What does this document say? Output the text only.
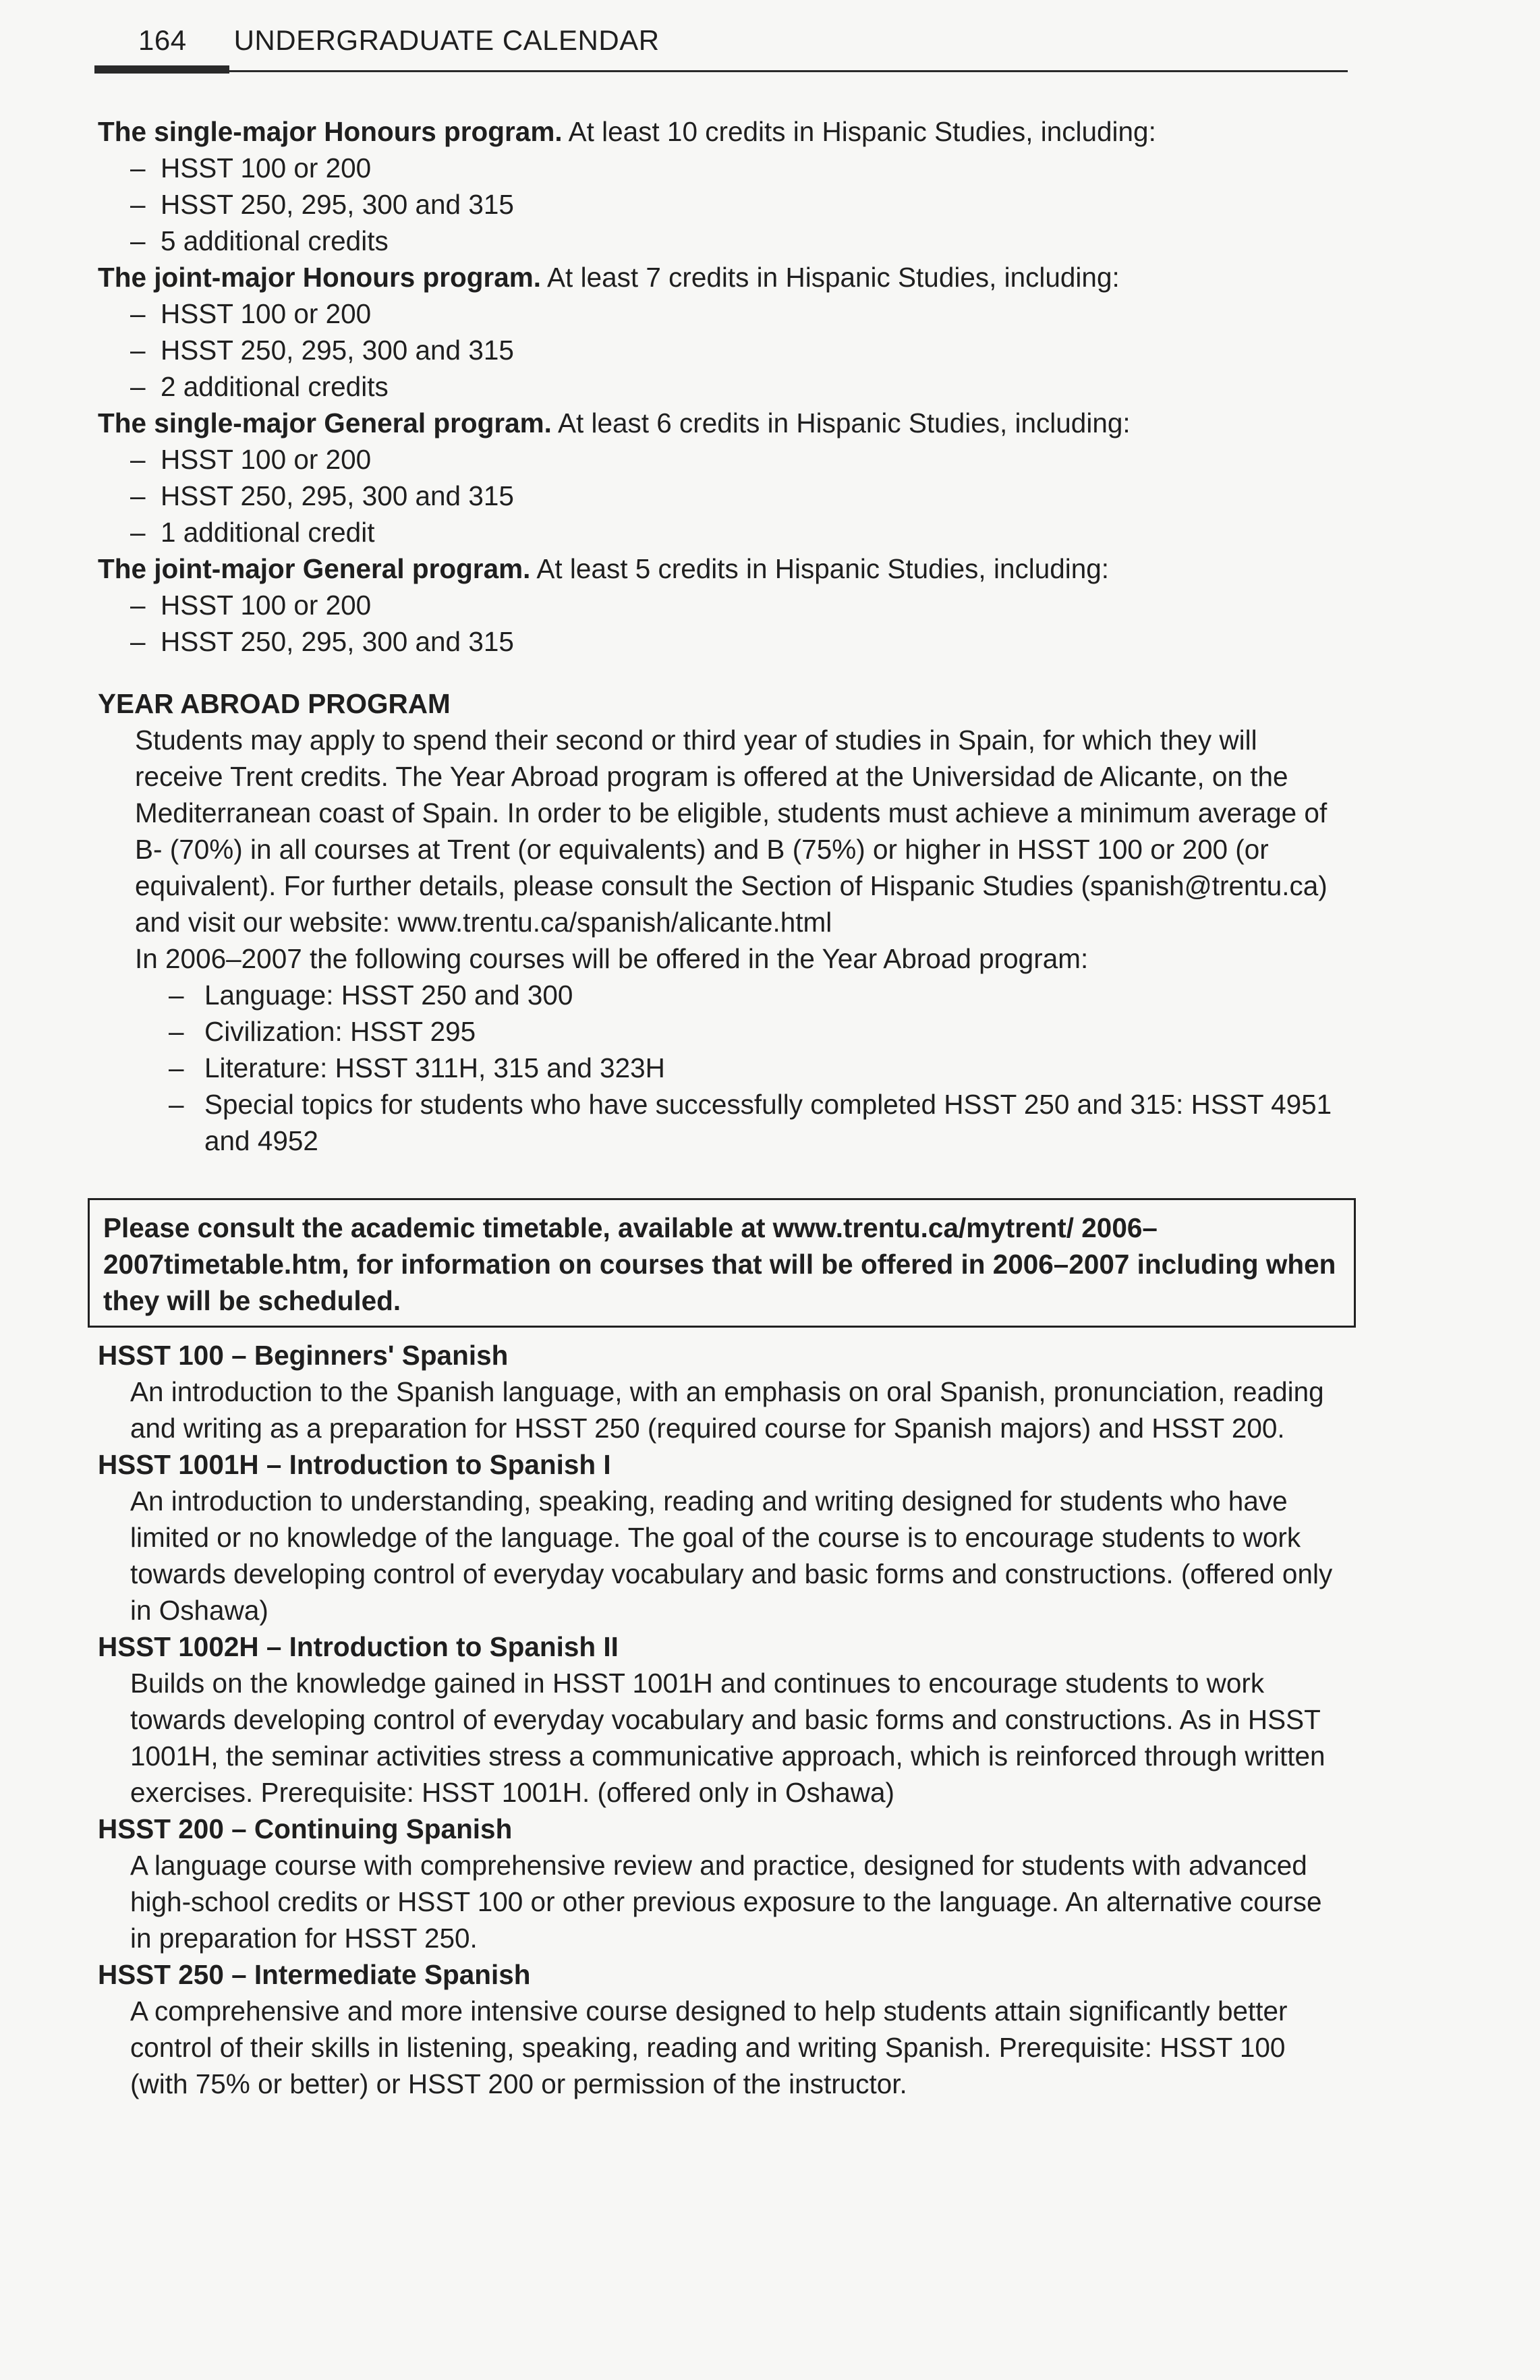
164 UNDERGRADUATE CALENDAR

The single-major Honours program. At least 10 credits in Hispanic Studies, including:

– HSST 100 or 200
– HSST 250, 295, 300 and 315
– 5 additional credits

The joint-major Honours program. At least 7 credits in Hispanic Studies, including:

– HSST 100 or 200
– HSST 250, 295, 300 and 315
– 2 additional credits

The single-major General program. At least 6 credits in Hispanic Studies, including:

– HSST 100 or 200
– HSST 250, 295, 300 and 315
– 1 additional credit

The joint-major General program. At least 5 credits in Hispanic Studies, including:

– HSST 100 or 200
– HSST 250, 295, 300 and 315

YEAR ABROAD PROGRAM

Students may apply to spend their second or third year of studies in Spain, for which they will receive Trent credits. The Year Abroad program is offered at the Universidad de Alicante, on the Mediterranean coast of Spain. In order to be eligible, students must achieve a minimum average of B- (70%) in all courses at Trent (or equivalents) and B (75%) or higher in HSST 100 or 200 (or equivalent). For further details, please consult the Section of Hispanic Studies (spanish@trentu.ca) and visit our website: www.trentu.ca/spanish/alicante.html

In 2006–2007 the following courses will be offered in the Year Abroad program:

– Language: HSST 250 and 300
– Civilization: HSST 295
– Literature: HSST 311H, 315 and 323H
– Special topics for students who have successfully completed HSST 250 and 315: HSST 4951 and 4952
Please consult the academic timetable, available at www.trentu.ca/mytrent/ 2006–2007timetable.htm, for information on courses that will be offered in 2006–2007 including when they will be scheduled.

HSST 100 – Beginners' Spanish

An introduction to the Spanish language, with an emphasis on oral Spanish, pronunciation, reading and writing as a preparation for HSST 250 (required course for Spanish majors) and HSST 200.

HSST 1001H – Introduction to Spanish I

An introduction to understanding, speaking, reading and writing designed for students who have limited or no knowledge of the language. The goal of the course is to encourage students to work towards developing control of everyday vocabulary and basic forms and constructions. (offered only in Oshawa)

HSST 1002H – Introduction to Spanish II

Builds on the knowledge gained in HSST 1001H and continues to encourage students to work towards developing control of everyday vocabulary and basic forms and constructions. As in HSST 1001H, the seminar activities stress a communicative approach, which is reinforced through written exercises. Prerequisite: HSST 1001H. (offered only in Oshawa)

HSST 200 – Continuing Spanish

A language course with comprehensive review and practice, designed for students with advanced high-school credits or HSST 100 or other previous exposure to the language. An alternative course in preparation for HSST 250.

HSST 250 – Intermediate Spanish

A comprehensive and more intensive course designed to help students attain significantly better control of their skills in listening, speaking, reading and writing Spanish. Prerequisite: HSST 100 (with 75% or better) or HSST 200 or permission of the instructor.
